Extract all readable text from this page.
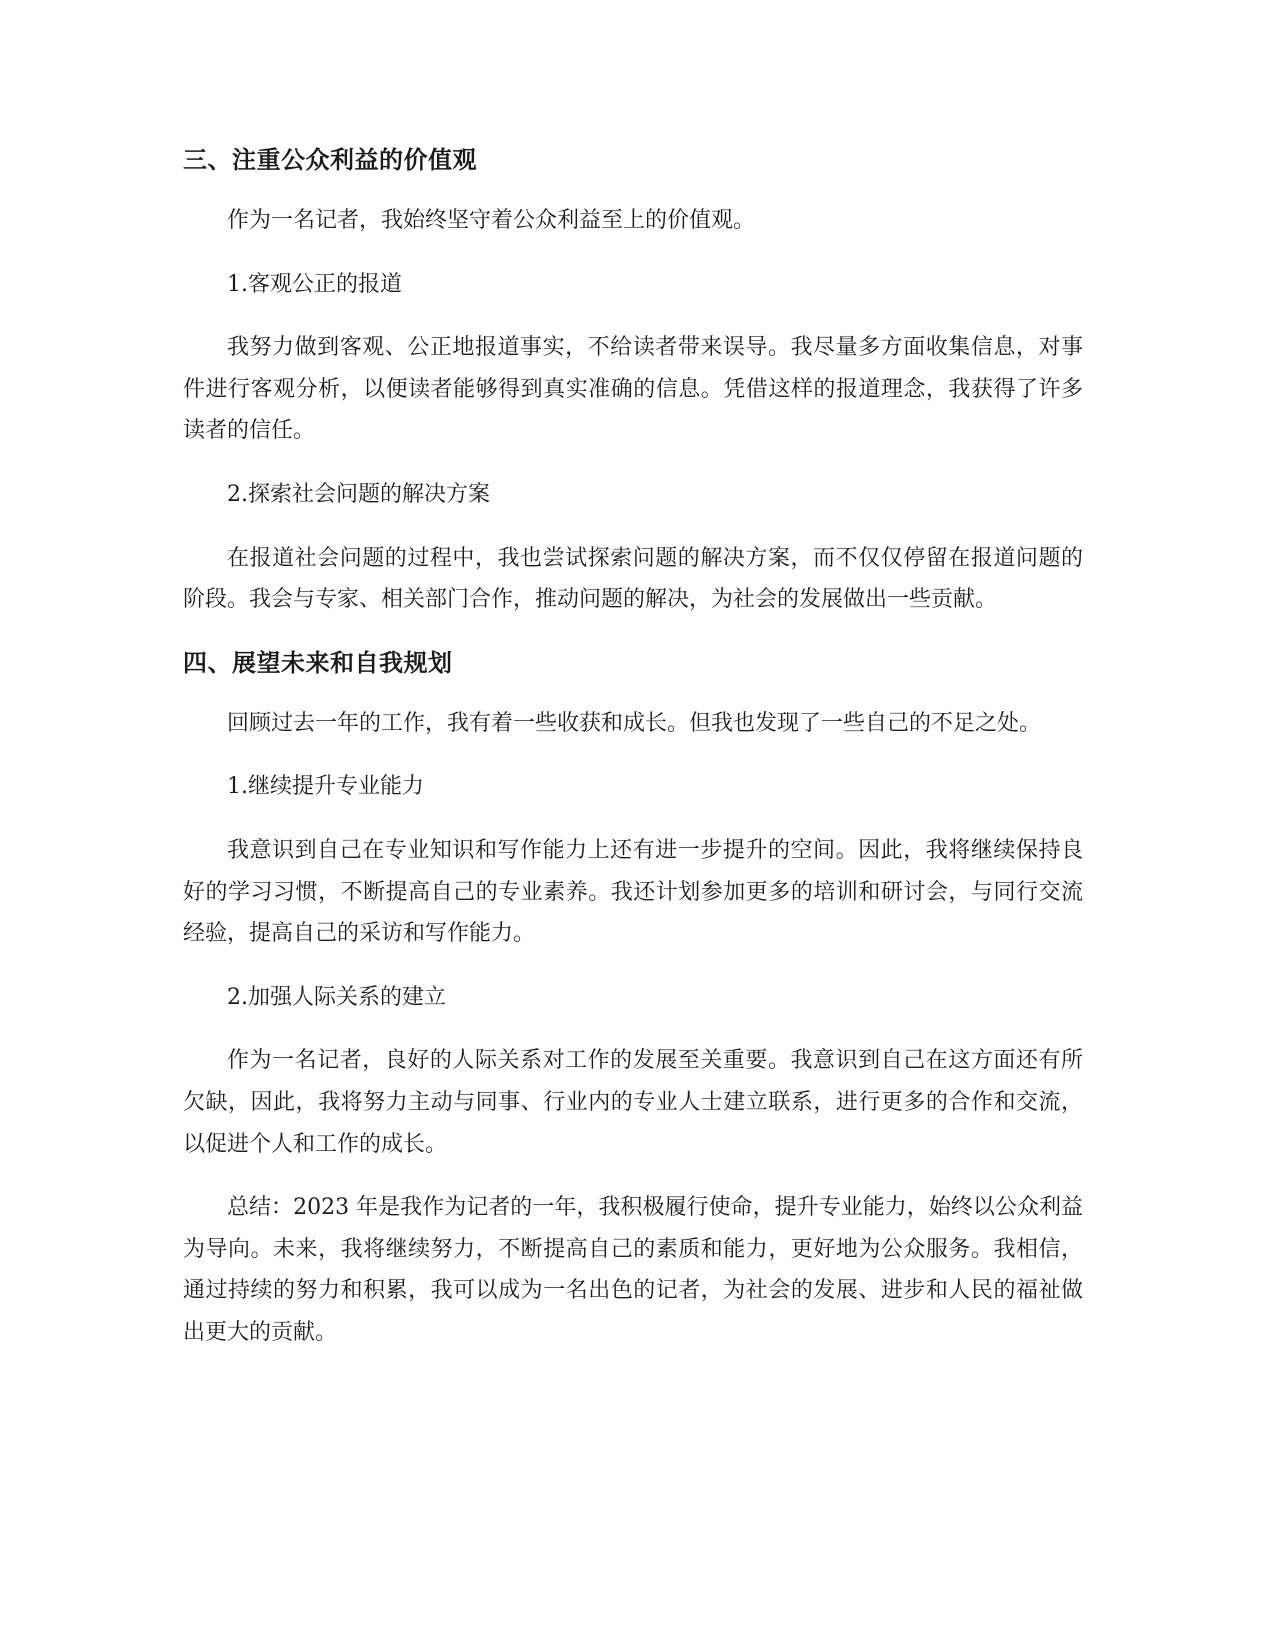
三、注重公众利益的价值观

作为一名记者，我始终坚守着公众利益至上的价值观。

1.客观公正的报道

我努力做到客观、公正地报道事实，不给读者带来误导。我尽量多方面收集信息，对事件进行客观分析，以便读者能够得到真实准确的信息。凭借这样的报道理念，我获得了许多读者的信任。

2.探索社会问题的解决方案

在报道社会问题的过程中，我也尝试探索问题的解决方案，而不仅仅停留在报道问题的阶段。我会与专家、相关部门合作，推动问题的解决，为社会的发展做出一些贡献。

四、展望未来和自我规划

回顾过去一年的工作，我有着一些收获和成长。但我也发现了一些自己的不足之处。

1.继续提升专业能力

我意识到自己在专业知识和写作能力上还有进一步提升的空间。因此，我将继续保持良好的学习习惯，不断提高自己的专业素养。我还计划参加更多的培训和研讨会，与同行交流经验，提高自己的采访和写作能力。

2.加强人际关系的建立

作为一名记者，良好的人际关系对工作的发展至关重要。我意识到自己在这方面还有所欠缺，因此，我将努力主动与同事、行业内的专业人士建立联系，进行更多的合作和交流，以促进个人和工作的成长。

总结：2023 年是我作为记者的一年，我积极履行使命，提升专业能力，始终以公众利益为导向。未来，我将继续努力，不断提高自己的素质和能力，更好地为公众服务。我相信，通过持续的努力和积累，我可以成为一名出色的记者，为社会的发展、进步和人民的福祉做出更大的贡献。
